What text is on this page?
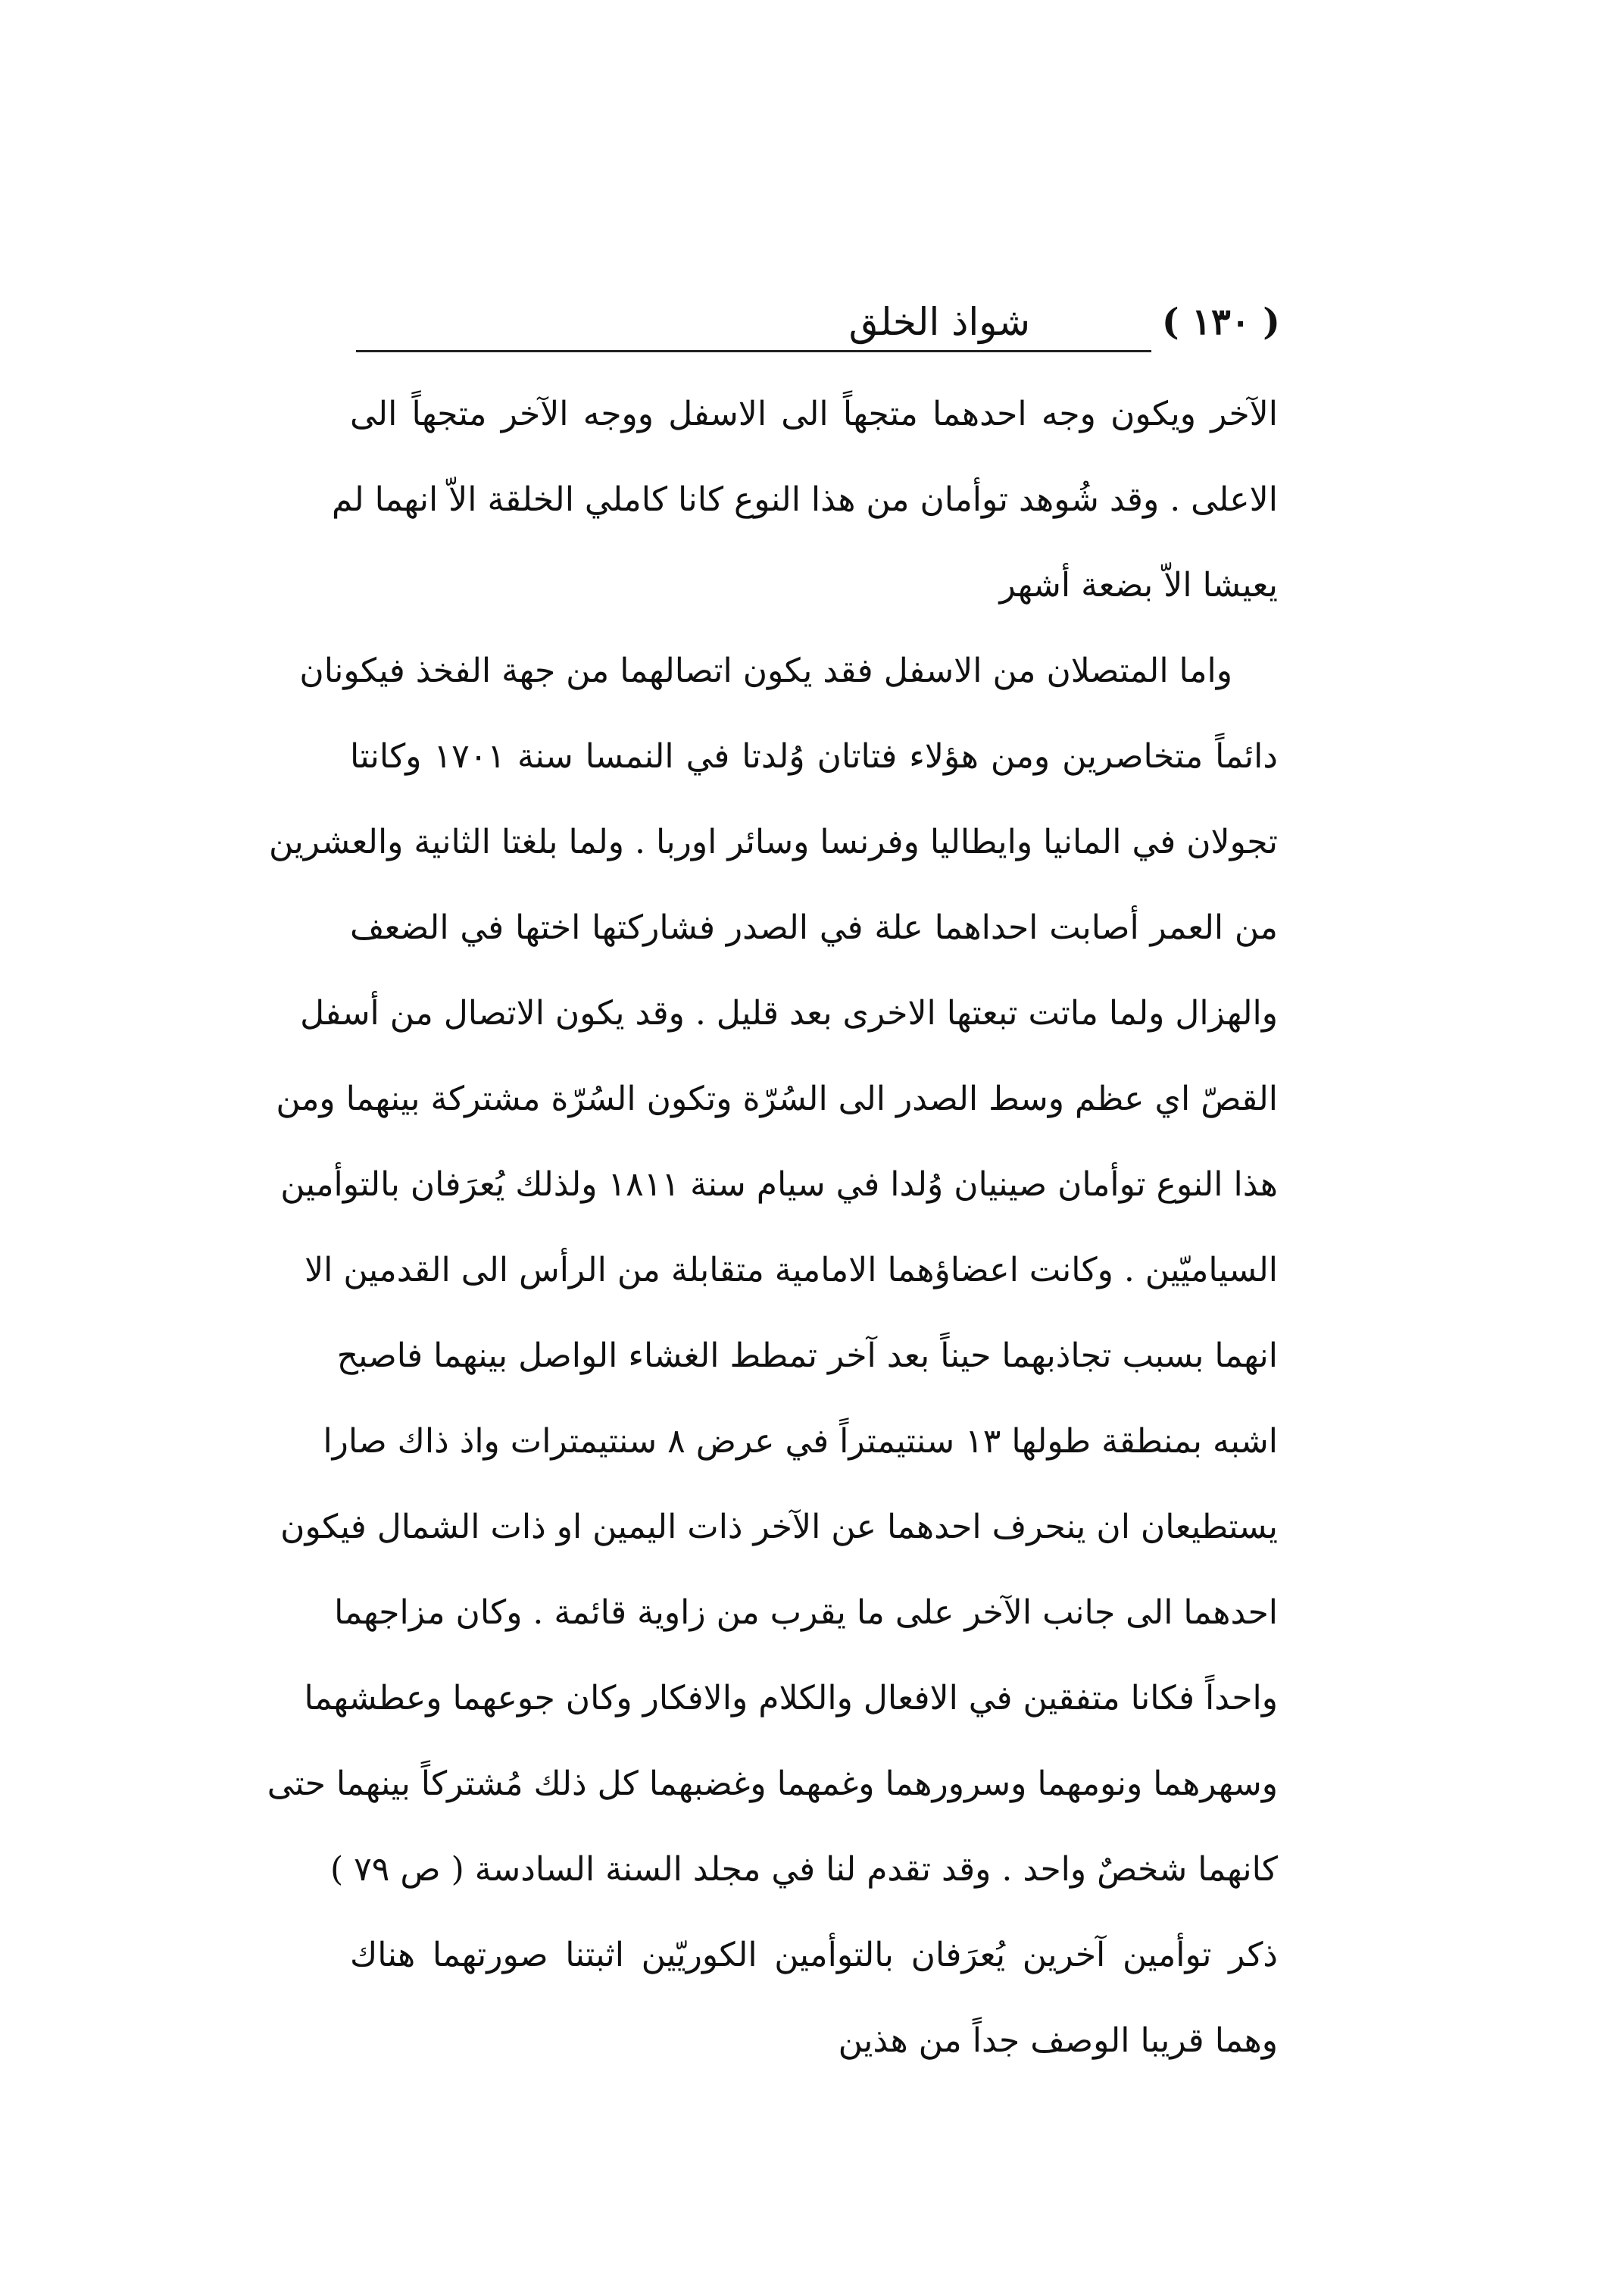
( ١٣٠ )
شواذ الخلق
الآخر ويكون وجه احدهما متجهاً الى الاسفل ووجه الآخر متجهاً الى
الاعلى . وقد شُوهد توأمان من هذا النوع كانا كاملي الخلقة الاّ انهما لم
يعيشا الاّ بضعة أشهر
واما المتصلان من الاسفل فقد يكون اتصالهما من جهة الفخذ فيكونان
دائماً متخاصرين ومن هؤلاء فتاتان وُلدتا في النمسا سنة ١٧٠١ وكانتا
تجولان في المانيا وايطاليا وفرنسا وسائر اوربا . ولما بلغتا الثانية والعشرين
من العمر أصابت احداهما علة في الصدر فشاركتها اختها في الضعف
والهزال ولما ماتت تبعتها الاخرى بعد قليل . وقد يكون الاتصال من أسفل
القصّ اي عظم وسط الصدر الى السُرّة وتكون السُرّة مشتركة بينهما ومن
هذا النوع توأمان صينيان وُلدا في سيام سنة ١٨١١ ولذلك يُعرَفان بالتوأمين
السياميّين . وكانت اعضاؤهما الامامية متقابلة من الرأس الى القدمين الا
انهما بسبب تجاذبهما حيناً بعد آخر تمطط الغشاء الواصل بينهما فاصبح
اشبه بمنطقة طولها ١٣ سنتيمتراً في عرض ٨ سنتيمترات واذ ذاك صارا
يستطيعان ان ينحرف احدهما عن الآخر ذات اليمين او ذات الشمال فيكون
احدهما الى جانب الآخر على ما يقرب من زاوية قائمة . وكان مزاجهما
واحداً فكانا متفقين في الافعال والكلام والافكار وكان جوعهما وعطشهما
وسهرهما ونومهما وسرورهما وغمهما وغضبهما كل ذلك مُشتركاً بينهما حتى
كانهما شخصٌ واحد . وقد تقدم لنا في مجلد السنة السادسة ( ص ٧٩ )
ذكر توأمين آخرين يُعرَفان بالتوأمين الكوريّين اثبتنا صورتهما هناك
وهما قريبا الوصف جداً من هذين
